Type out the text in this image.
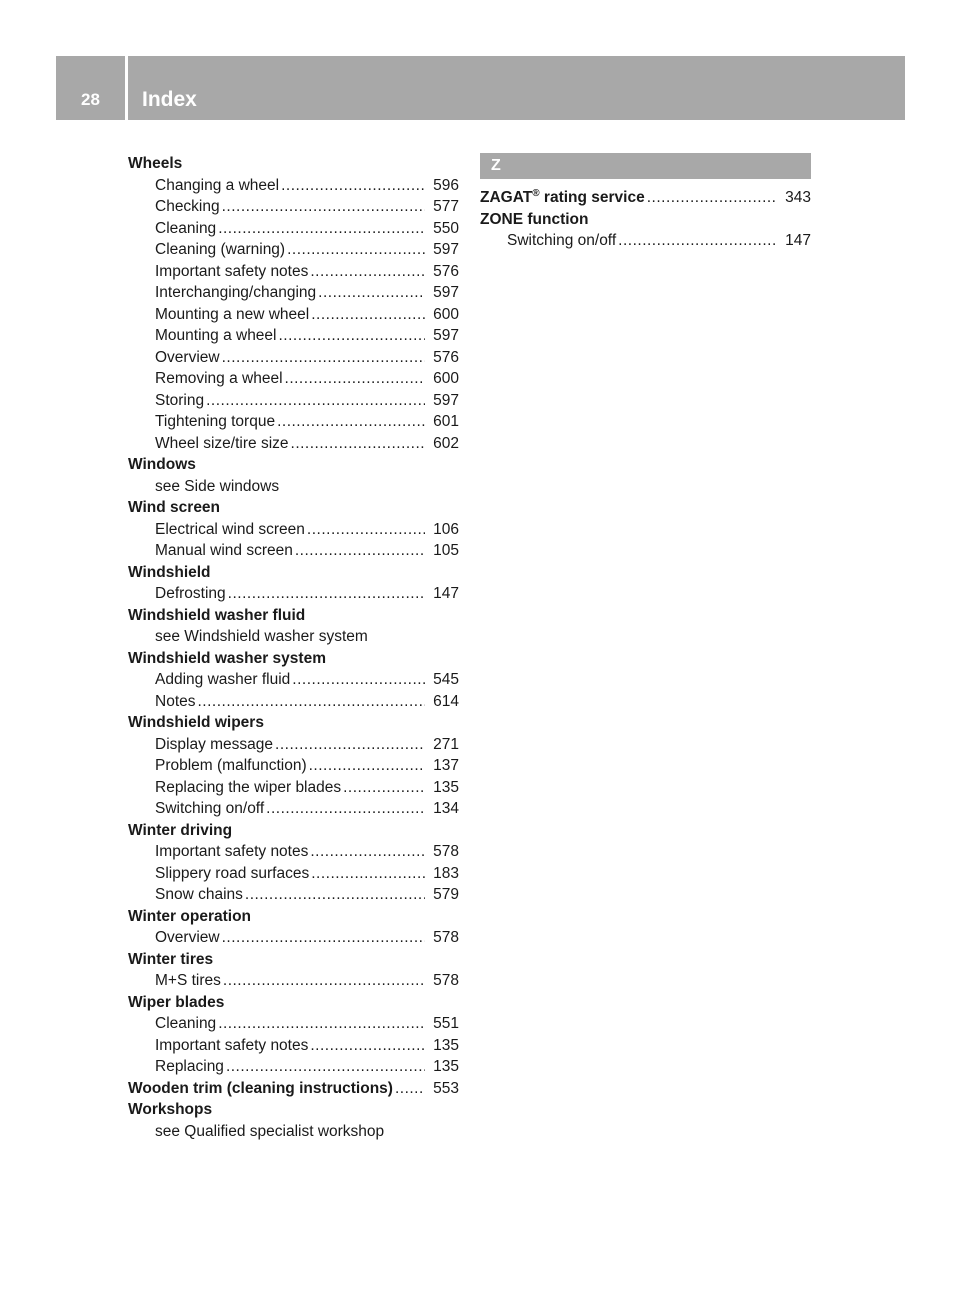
28	Index
Wheels
Changing a wheel .....	596
Checking .....	577
Cleaning .....	550
Cleaning (warning) .....	597
Important safety notes .....	576
Interchanging/changing .....	597
Mounting a new wheel .....	600
Mounting a wheel .....	597
Overview .....	576
Removing a wheel .....	600
Storing .....	597
Tightening torque .....	601
Wheel size/tire size .....	602
Windows
see Side windows
Wind screen
Electrical wind screen .....	106
Manual wind screen .....	105
Windshield
Defrosting .....	147
Windshield washer fluid
see Windshield washer system
Windshield washer system
Adding washer fluid .....	545
Notes .....	614
Windshield wipers
Display message .....	271
Problem (malfunction) .....	137
Replacing the wiper blades .....	135
Switching on/off .....	134
Winter driving
Important safety notes .....	578
Slippery road surfaces .....	183
Snow chains .....	579
Winter operation
Overview .....	578
Winter tires
M+S tires .....	578
Wiper blades
Cleaning .....	551
Important safety notes .....	135
Replacing .....	135
Wooden trim (cleaning instructions) .....	553
Workshops
see Qualified specialist workshop
Z
ZAGAT® rating service .....	343
ZONE function
Switching on/off .....	147
